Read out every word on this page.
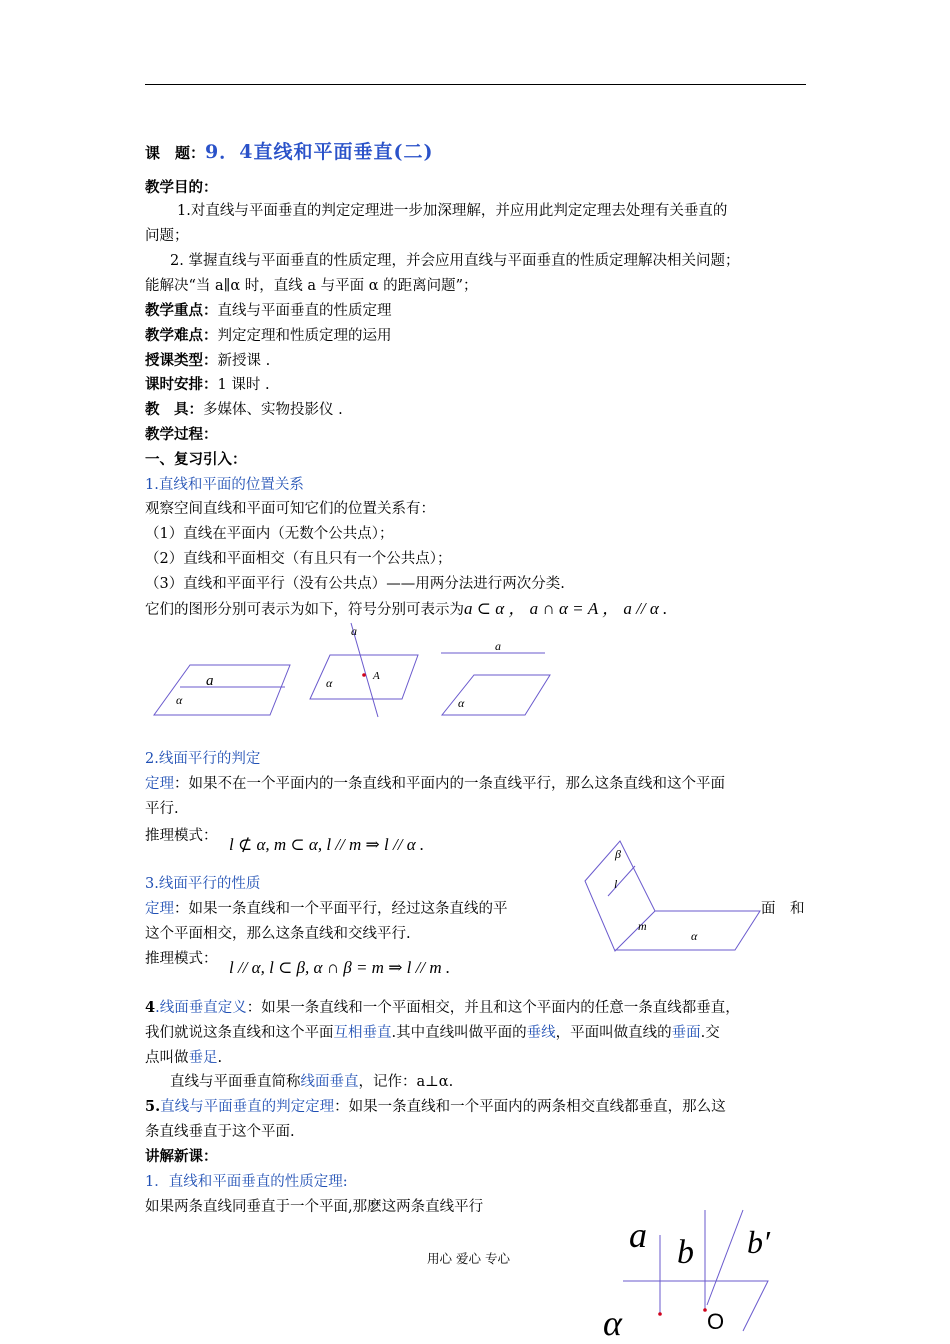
课　题：9．4直线和平面垂直(二)
教学目的：
1.对直线与平面垂直的判定定理进一步加深理解，并应用此判定定理去处理有关垂直的
问题；
2. 掌握直线与平面垂直的性质定理，并会应用直线与平面垂直的性质定理解决相关问题；
能解决“当 a∥α 时，直线 a 与平面 α 的距离问题”；
教学重点：直线与平面垂直的性质定理
教学难点：判定定理和性质定理的运用
授课类型：新授课 .
课时安排：1 课时 .
教　具：多媒体、实物投影仪 .
教学过程：
一、复习引入：
1.直线和平面的位置关系
观察空间直线和平面可知它们的位置关系有：
（1）直线在平面内（无数个公共点）；
（2）直线和平面相交（有且只有一个公共点）；
（3）直线和平面平行（没有公共点）——用两分法进行两次分类.
它们的图形分别可表示为如下，符号分别可表示为a ⊂ α ， a ∩ α = A ， a // α .
a
α
a
α	A
a
α
2.线面平行的判定
定理：如果不在一个平面内的一条直线和平面内的一条直线平行，那么这条直线和这个平面
平行.
推理模式： l ⊄ α, m ⊂ α, l // m ⇒ l // α .
3.线面平行的性质
定理：如果一条直线和一个平面平行，经过这条直线的平	面　和
这个平面相交，那么这条直线和交线平行.
推理模式： l // α, l ⊂ β, α ∩ β = m ⇒ l // m .
β
l
m
α
4.线面垂直定义：如果一条直线和一个平面相交，并且和这个平面内的任意一条直线都垂直，
我们就说这条直线和这个平面互相垂直.其中直线叫做平面的垂线，平面叫做直线的垂面.交
点叫做垂足.
直线与平面垂直简称线面垂直，记作：a⊥α.
5.直线与平面垂直的判定定理：如果一条直线和一个平面内的两条相交直线都垂直，那么这
条直线垂直于这个平面.
讲解新课：
1．直线和平面垂直的性质定理:
如果两条直线同垂直于一个平面,那麽这两条直线平行
a b b′
α	O
用心 爱心 专心
